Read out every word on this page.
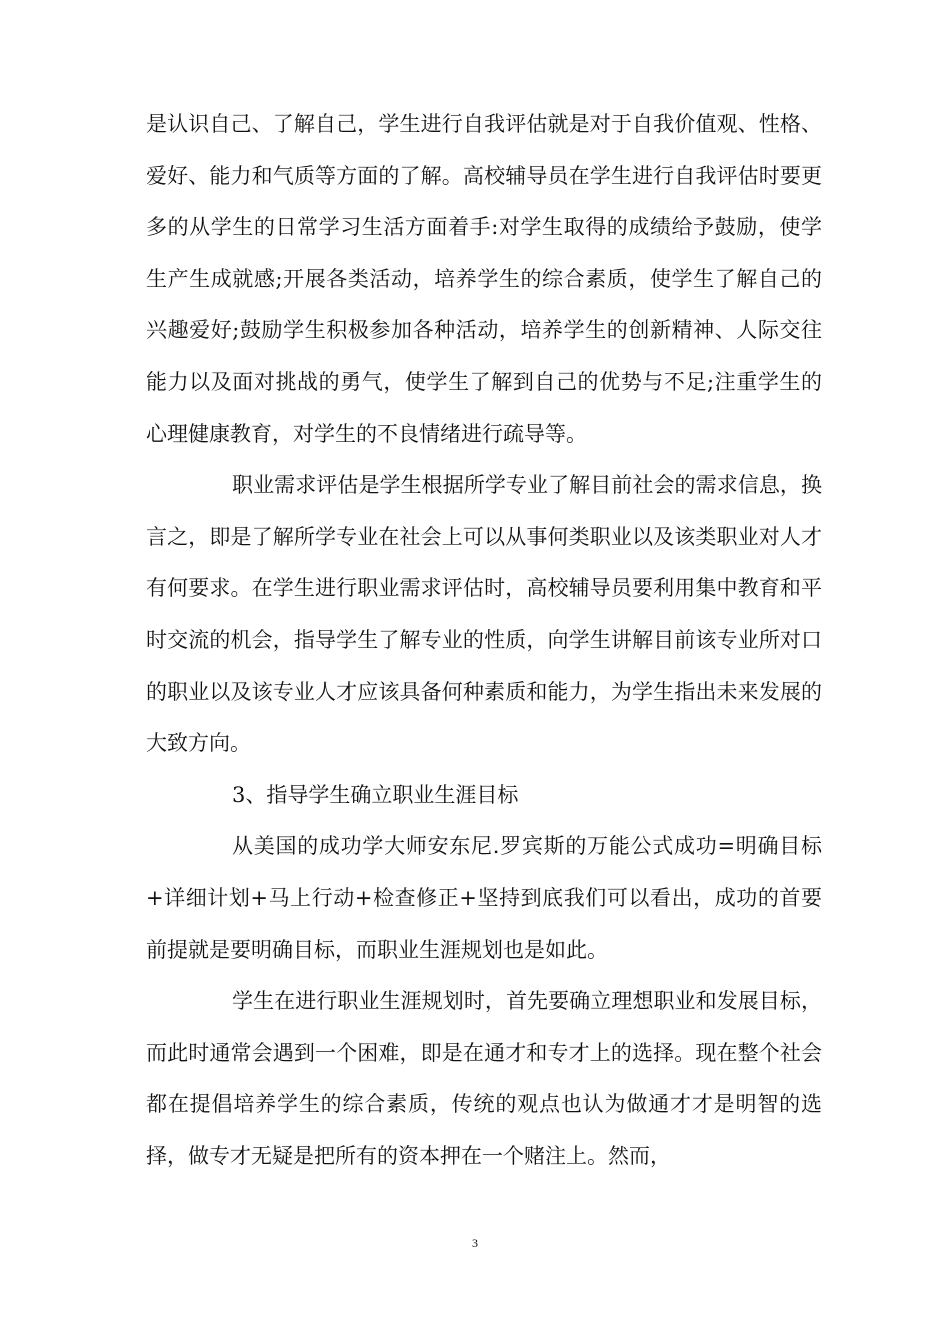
是认识自己、了解自己，学生进行自我评估就是对于自我价值观、性格、爱好、能力和气质等方面的了解。高校辅导员在学生进行自我评估时要更多的从学生的日常学习生活方面着手:对学生取得的成绩给予鼓励，使学生产生成就感;开展各类活动，培养学生的综合素质，使学生了解自己的兴趣爱好;鼓励学生积极参加各种活动，培养学生的创新精神、人际交往能力以及面对挑战的勇气，使学生了解到自己的优势与不足;注重学生的心理健康教育，对学生的不良情绪进行疏导等。

职业需求评估是学生根据所学专业了解目前社会的需求信息，换言之，即是了解所学专业在社会上可以从事何类职业以及该类职业对人才有何要求。在学生进行职业需求评估时，高校辅导员要利用集中教育和平时交流的机会，指导学生了解专业的性质，向学生讲解目前该专业所对口的职业以及该专业人才应该具备何种素质和能力，为学生指出未来发展的大致方向。

3、指导学生确立职业生涯目标

从美国的成功学大师安东尼.罗宾斯的万能公式成功=明确目标+详细计划+马上行动+检查修正+坚持到底我们可以看出，成功的首要前提就是要明确目标，而职业生涯规划也是如此。

学生在进行职业生涯规划时，首先要确立理想职业和发展目标，而此时通常会遇到一个困难，即是在通才和专才上的选择。现在整个社会都在提倡培养学生的综合素质，传统的观点也认为做通才才是明智的选择，做专才无疑是把所有的资本押在一个赌注上。然而，

3
